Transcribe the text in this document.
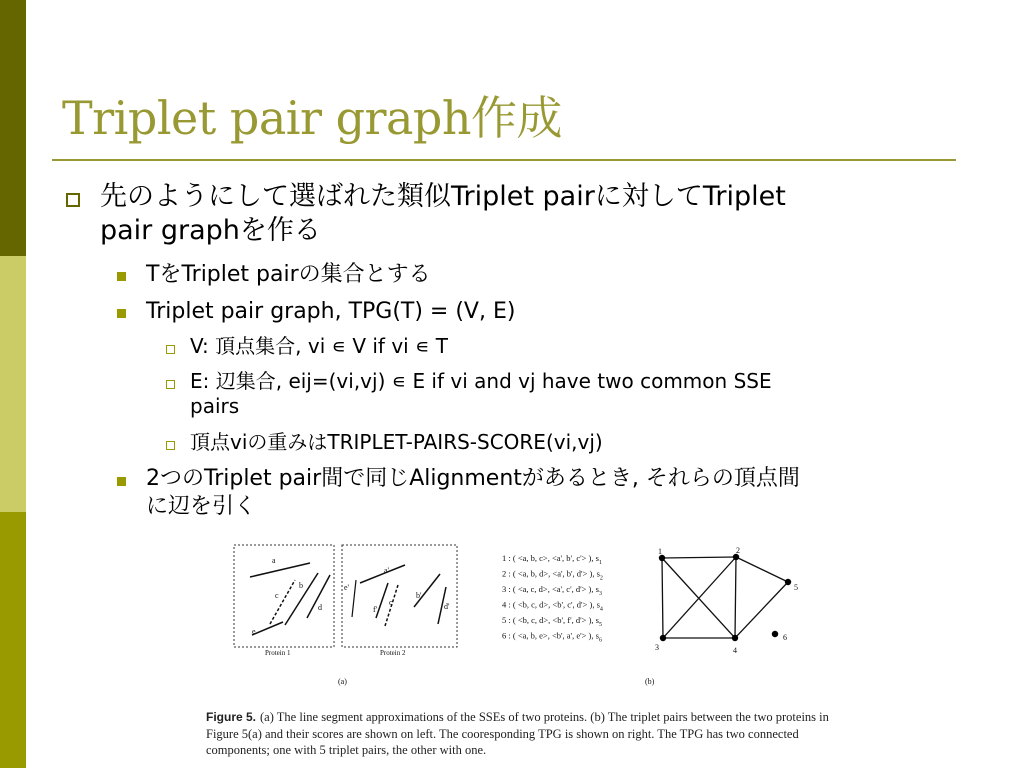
Triplet pair graph作成
先のようにして選ばれた類似Triplet pairに対してTriplet
pair graphを作る
TをTriplet pairの集合とする
Triplet pair graph, TPG(T) = (V, E)
V: 頂点集合, vi ∊ V if vi ∊ T
E: 辺集合, eij=(vi,vj) ∊ E if vi and vj have two common SSE
pairs
頂点viの重みはTRIPLET-PAIRS-SCORE(vi,vj)
2つのTriplet pair間で同じAlignmentがあるとき, それらの頂点間
に辺を引く
a
b
c
d
e
Protein 1
a'
b'
c'	d'
e'
f'
Protein 2
(a)
1 : ( <a, b, c>, <a', b', c'> ), $s_1$
2 : ( <a, b, d>, <a', b', d'> ), $s_2$
3 : ( <a, c, d>, <a', c', d'> ), $s_3$
4 : ( <b, c, d>, <b', c', d'> ), $s_4$
5 : ( <b, c, d>, <b', f', d'> ), $s_5$
6 : ( <a, b, e>, <b', a', e'> ), $s_6$
1	2
3	4
5
6
(b)
Figure 5. (a) The line segment approximations of the SSEs of two proteins. (b) The triplet pairs between the two proteins in Figure 5(a) and their scores are shown on left. The cooresponding TPG is shown on right. The TPG has two connected components; one with 5 triplet pairs, the other with one.
